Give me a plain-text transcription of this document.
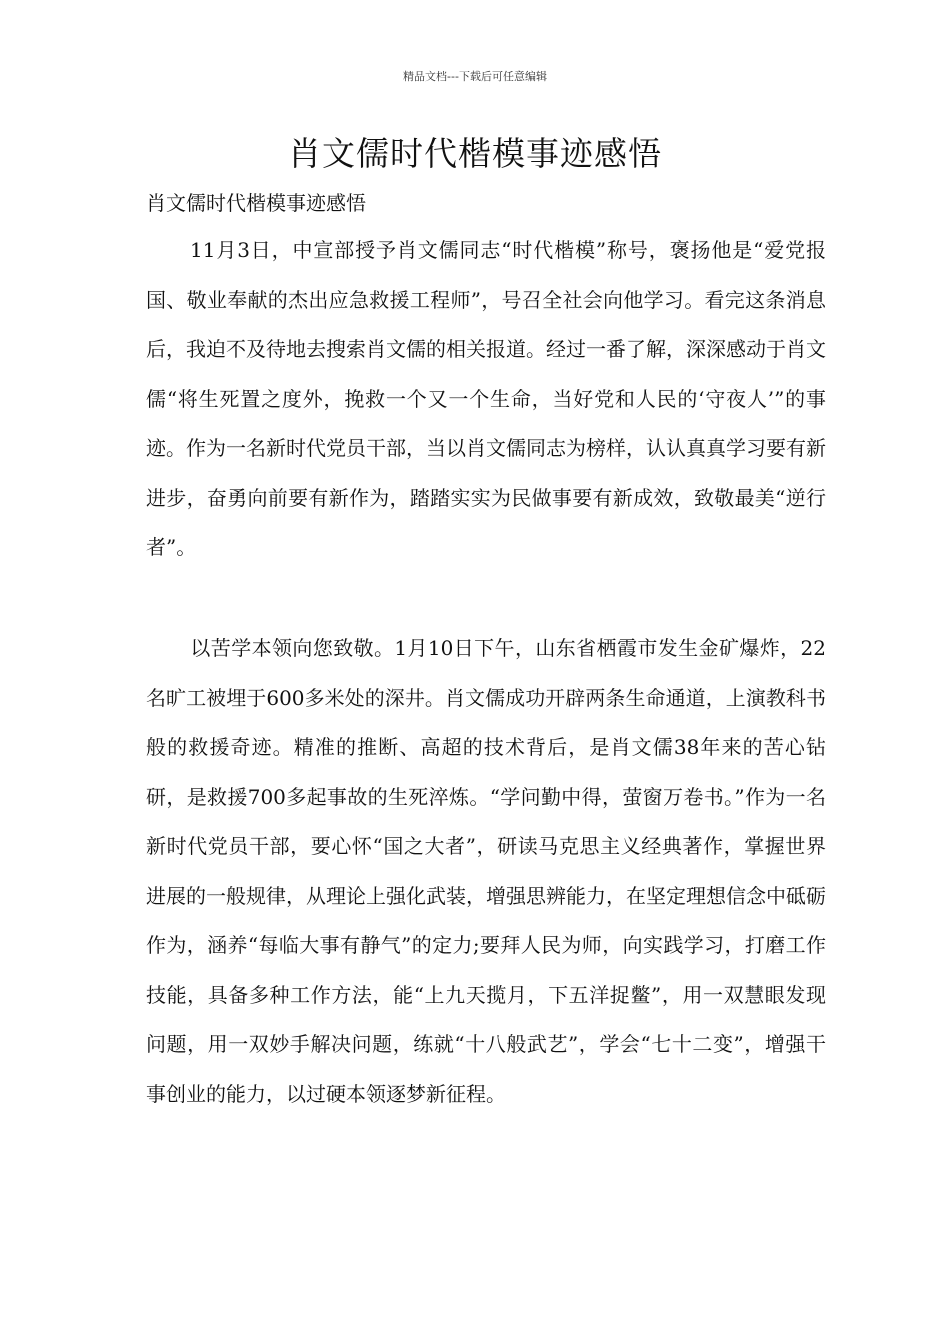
精品文档---下载后可任意编辑
肖文儒时代楷模事迹感悟
肖文儒时代楷模事迹感悟

11月3日，中宣部授予肖文儒同志“时代楷模”称号，褒扬他是“爱党报国、敬业奉献的杰出应急救援工程师”，号召全社会向他学习。看完这条消息后，我迫不及待地去搜索肖文儒的相关报道。经过一番了解，深深感动于肖文儒“将生死置之度外，挽救一个又一个生命，当好党和人民的‘守夜人’”的事迹。作为一名新时代党员干部，当以肖文儒同志为榜样，认认真真学习要有新进步，奋勇向前要有新作为，踏踏实实为民做事要有新成效，致敬最美“逆行者”。

以苦学本领向您致敬。1月10日下午，山东省栖霞市发生金矿爆炸，22名旷工被埋于600多米处的深井。肖文儒成功开辟两条生命通道，上演教科书般的救援奇迹。精准的推断、高超的技术背后，是肖文儒38年来的苦心钻研，是救援700多起事故的生死淬炼。“学问勤中得，萤窗万卷书。”作为一名新时代党员干部，要心怀“国之大者”，研读马克思主义经典著作，掌握世界进展的一般规律，从理论上强化武装，增强思辨能力，在坚定理想信念中砥砺作为，涵养“每临大事有静气”的定力;要拜人民为师，向实践学习，打磨工作技能，具备多种工作方法，能“上九天揽月，下五洋捉鳖”，用一双慧眼发现问题，用一双妙手解决问题，练就“十八般武艺”，学会“七十二变”，增强干事创业的能力，以过硬本领逐梦新征程。
